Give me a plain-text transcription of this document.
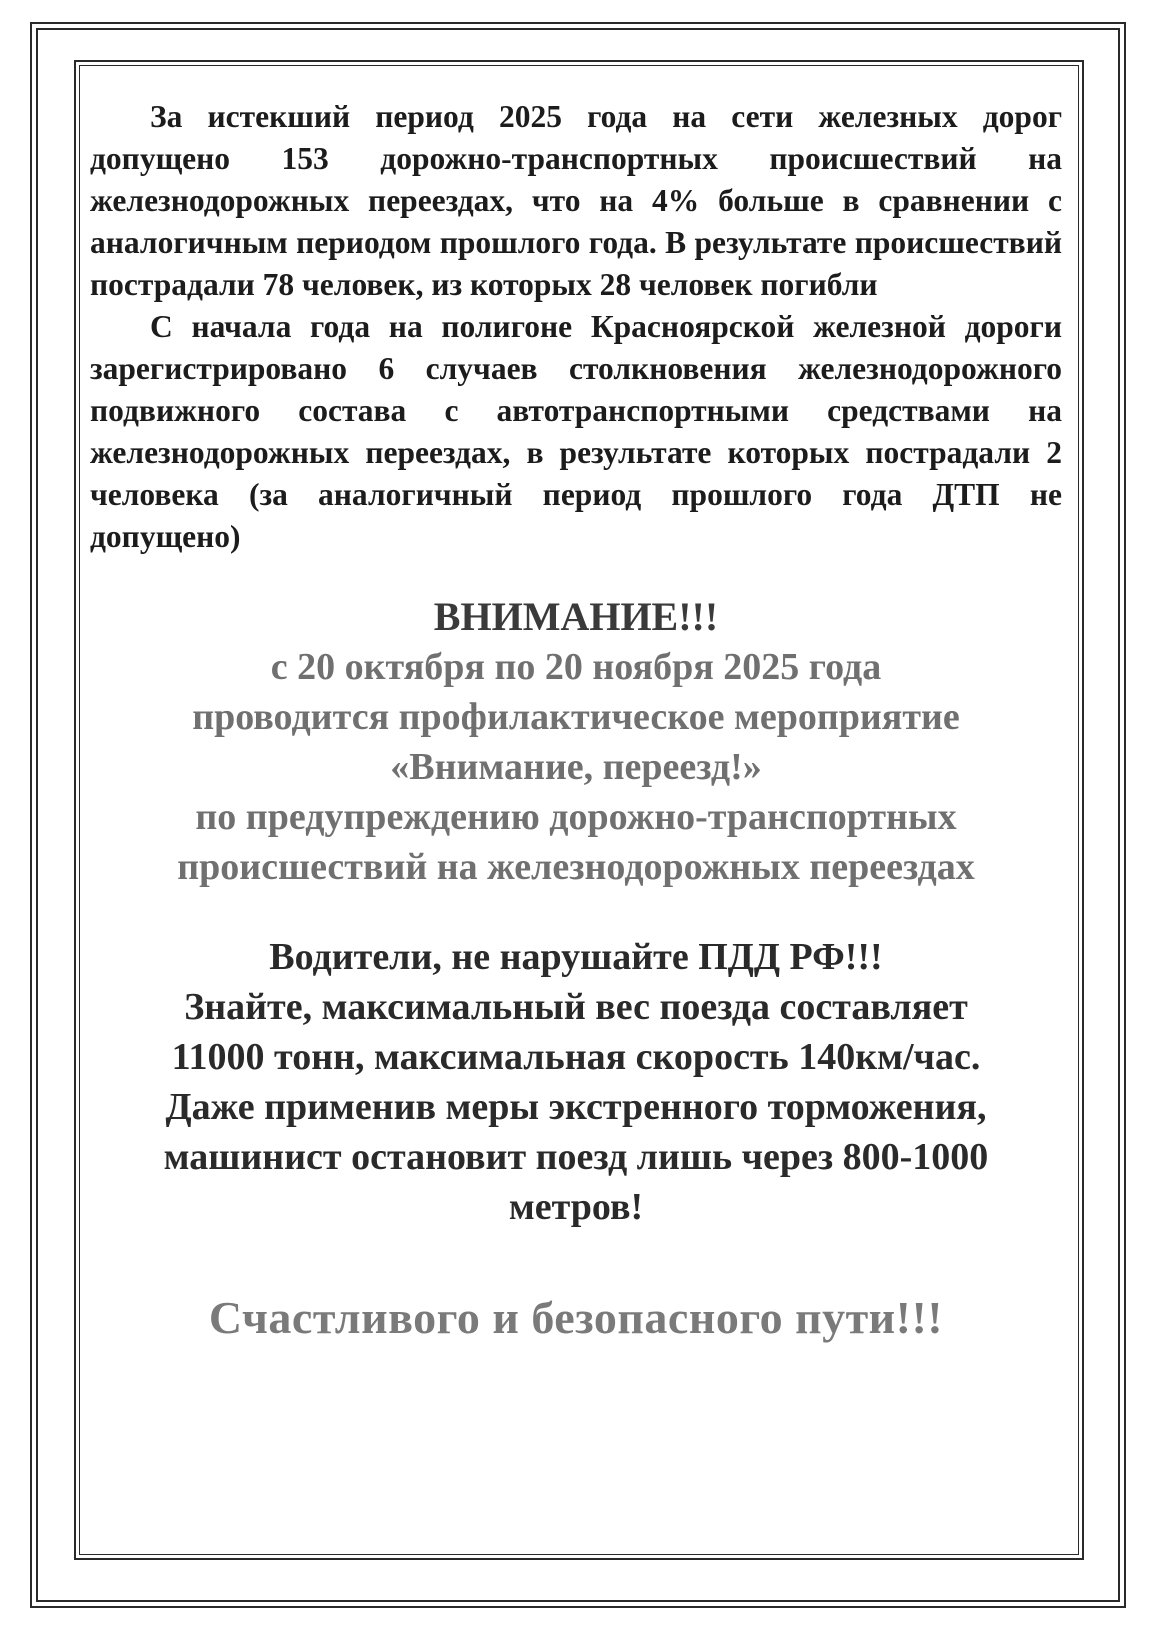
За истекший период 2025 года на сети железных дорог допущено 153 дорожно-транспортных происшествий на железнодорожных переездах, что на 4% больше в сравнении с аналогичным периодом прошлого года. В результате происшествий пострадали 78 человек, из которых 28 человек погибли

С начала года на полигоне Красноярской железной дороги зарегистрировано 6 случаев столкновения железнодорожного подвижного состава с автотранспортными средствами на железнодорожных переездах, в результате которых пострадали 2 человека (за аналогичный период прошлого года ДТП не допущено)

ВНИМАНИЕ!!!
с 20 октября по 20 ноября 2025 года
проводится профилактическое мероприятие
«Внимание, переезд!»
по предупреждению дорожно-транспортных
происшествий на железнодорожных переездах
Водители, не нарушайте ПДД РФ!!!
Знайте, максимальный вес поезда составляет
11000 тонн, максимальная скорость 140км/час.
Даже применив меры экстренного торможения,
машинист остановит поезд лишь через 800-1000
метров!
Счастливого и безопасного пути!!!
